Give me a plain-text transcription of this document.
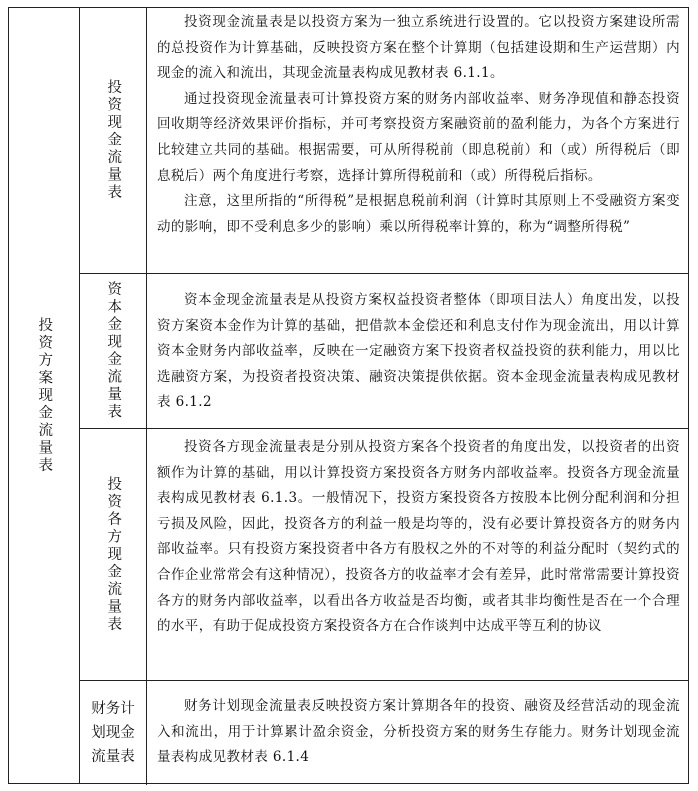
投资方案现金流量表
投资现金流量表

投资现金流量表是以投资方案为一独立系统进行设置的。它以投资方案建设所需的总投资作为计算基础，反映投资方案在整个计算期（包括建设期和生产运营期）内现金的流入和流出，其现金流量表构成见教材表 6.1.1。

通过投资现金流量表可计算投资方案的财务内部收益率、财务净现值和静态投资回收期等经济效果评价指标，并可考察投资方案融资前的盈利能力，为各个方案进行比较建立共同的基础。根据需要，可从所得税前（即息税前）和（或）所得税后（即息税后）两个角度进行考察，选择计算所得税前和（或）所得税后指标。

注意，这里所指的“所得税”是根据息税前利润（计算时其原则上不受融资方案变动的影响，即不受利息多少的影响）乘以所得税率计算的，称为“调整所得税”

资本金现金流量表	资本金现金流量表是从投资方案权益投资者整体（即项目法人）角度出发，以投资方案资本金作为计算的基础，把借款本金偿还和利息支付作为现金流出，用以计算资本金财务内部收益率，反映在一定融资方案下投资者权益投资的获利能力，用以比选融资方案，为投资者投资决策、融资决策提供依据。资本金现金流量表构成见教材表 6.1.2

投资各方现金流量表

投资各方现金流量表是分别从投资方案各个投资者的角度出发，以投资者的出资额作为计算的基础，用以计算投资方案投资各方财务内部收益率。投资各方现金流量表构成见教材表 6.1.3。一般情况下，投资方案投资各方按股本比例分配利润和分担亏损及风险，因此，投资各方的利益一般是均等的，没有必要计算投资各方的财务内部收益率。只有投资方案投资者中各方有股权之外的不对等的利益分配时（契约式的合作企业常常会有这种情况），投资各方的收益率才会有差异，此时常常需要计算投资各方的财务内部收益率，以看出各方收益是否均衡，或者其非均衡性是否在一个合理的水平，有助于促成投资方案投资各方在合作谈判中达成平等互利的协议

财务计划现金流量表

财务计划现金流量表反映投资方案计算期各年的投资、融资及经营活动的现金流入和流出，用于计算累计盈余资金，分析投资方案的财务生存能力。财务计划现金流量表构成见教材表 6.1.4
